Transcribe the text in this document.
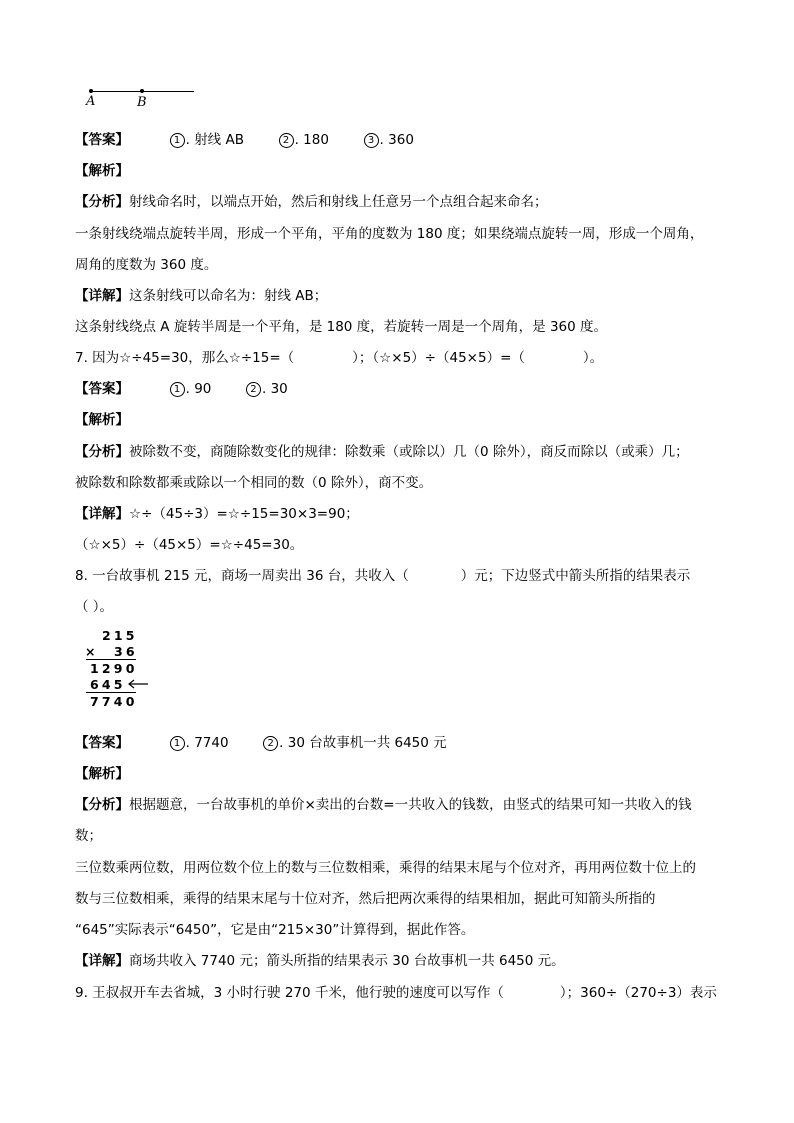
A	B
【答案】	1 . 射线 AB	2 . 180	3 . 360
【解析】
【分析】射线命名时，以端点开始，然后和射线上任意另一个点组合起来命名；
一条射线绕端点旋转半周，形成一个平角，平角的度数为 180 度；如果绕端点旋转一周，形成一个周角，
周角的度数为 360 度。
【详解】这条射线可以命名为：射线 AB；
这条射线绕点 A 旋转半周是一个平角，是 180 度，若旋转一周是一个周角，是 360 度。
7. 因为☆÷45=30，那么☆÷15=（	）；（☆×5）÷（45×5）=（	）。
【答案】	1 . 90	2 . 30
【解析】
【分析】被除数不变，商随除数变化的规律：除数乘（或除以）几（0 除外），商反而除以（或乘）几；
被除数和除数都乘或除以一个相同的数（0 除外），商不变。
【详解】☆÷（45÷3）=☆÷15=30×3=90；
（☆×5）÷（45×5）=☆÷45=30。
8. 一台故事机 215 元，商场一周卖出 36 台，共收入（	）元；下边竖式中箭头所指的结果表示
（ ）。
215
× 36
1290
645
7740
【答案】	1 . 7740	2 . 30 台故事机一共 6450 元
【解析】
【分析】根据题意，一台故事机的单价×卖出的台数=一共收入的钱数，由竖式的结果可知一共收入的钱
数；
三位数乘两位数，用两位数个位上的数与三位数相乘，乘得的结果末尾与个位对齐，再用两位数十位上的
数与三位数相乘，乘得的结果末尾与十位对齐，然后把两次乘得的结果相加，据此可知箭头所指的
“645”实际表示“6450”，它是由“215×30”计算得到，据此作答。
【详解】商场共收入 7740 元；箭头所指的结果表示 30 台故事机一共 6450 元。
9. 王叔叔开车去省城，3 小时行驶 270 千米，他行驶的速度可以写作（	）；360÷（270÷3）表示
